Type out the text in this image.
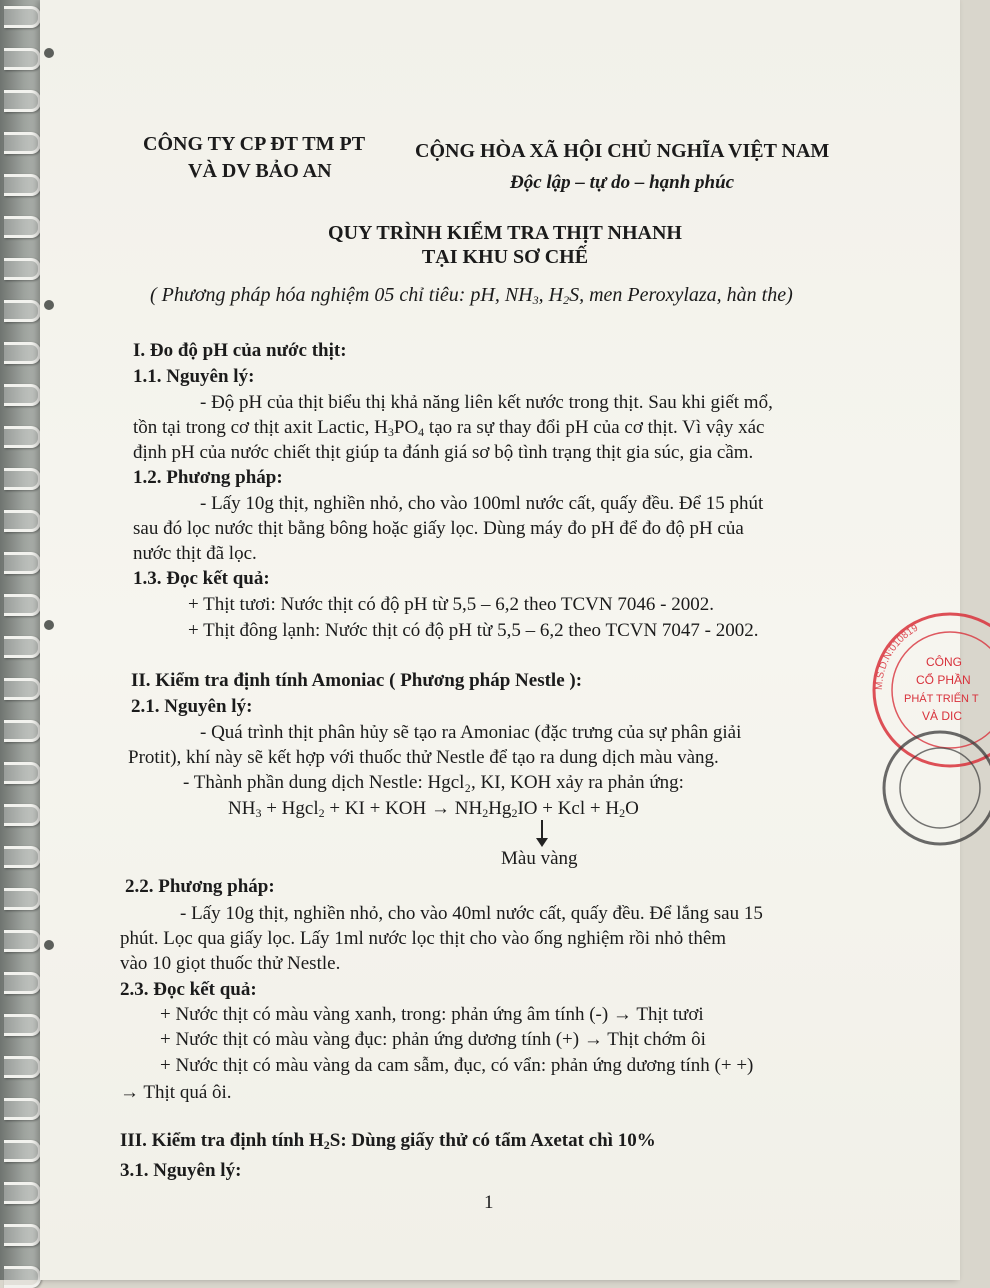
CÔNG TY CP ĐT TM PT
VÀ DV BẢO AN
CỘNG HÒA XÃ HỘI CHỦ NGHĨA VIỆT NAM
Độc lập – tự do – hạnh phúc
QUY TRÌNH KIỂM TRA THỊT NHANH
TẠI KHU SƠ CHẾ
( Phương pháp hóa nghiệm 05 chỉ tiêu: pH, $NH_3$, $H_2S$, men Peroxylaza, hàn the)
I. Đo độ pH của nước thịt:
1.1. Nguyên lý:
- Độ pH của thịt biểu thị khả năng liên kết nước trong thịt. Sau khi giết mổ,
tồn tại trong cơ thịt axit Lactic, $H_3PO_4$ tạo ra sự thay đổi pH của cơ thịt. Vì vậy xác
định pH của nước chiết thịt giúp ta đánh giá sơ bộ tình trạng thịt gia súc, gia cầm.
1.2. Phương pháp:
- Lấy 10g thịt, nghiền nhỏ, cho vào 100ml nước cất, quấy đều. Để 15 phút
sau đó lọc nước thịt bằng bông hoặc giấy lọc. Dùng máy đo pH để đo độ pH của
nước thịt đã lọc.
1.3. Đọc kết quả:
+ Thịt tươi: Nước thịt có độ pH từ 5,5 – 6,2 theo TCVN 7046 - 2002.
+ Thịt đông lạnh: Nước thịt có độ pH từ 5,5 – 6,2 theo TCVN 7047 - 2002.
II. Kiểm tra định tính Amoniac ( Phương pháp Nestle ):
2.1. Nguyên lý:
- Quá trình thịt phân hủy sẽ tạo ra Amoniac (đặc trưng của sự phân giải
Protit), khí này sẽ kết hợp với thuốc thử Nestle để tạo ra dung dịch màu vàng.
- Thành phần dung dịch Nestle: Hgcl₂, KI, KOH xảy ra phản ứng:
$NH_3$ + Hgcl$_2$ + KI + KOH → $NH_2Hg_2IO$ + Kcl + $H_2O$
Màu vàng
2.2. Phương pháp:
- Lấy 10g thịt, nghiền nhỏ, cho vào 40ml nước cất, quấy đều. Để lắng sau 15
phút. Lọc qua giấy lọc. Lấy 1ml nước lọc thịt cho vào ống nghiệm rồi nhỏ thêm
vào 10 giọt thuốc thử Nestle.
2.3. Đọc kết quả:
+ Nước thịt có màu vàng xanh, trong: phản ứng âm tính (-) → Thịt tươi
+ Nước thịt có màu vàng đục: phản ứng dương tính (+) → Thịt chớm ôi
+ Nước thịt có màu vàng da cam sẫm, đục, có vẩn: phản ứng dương tính (+ +)
→ Thịt quá ôi.
III. Kiểm tra định tính $H_2S$: Dùng giấy thử có tẩm Axetat chì 10%
3.1. Nguyên lý:
1
M.S.D.N:010819
CÔNG
CỔ PHẦN
PHÁT TRIỂN T
VÀ DIC
